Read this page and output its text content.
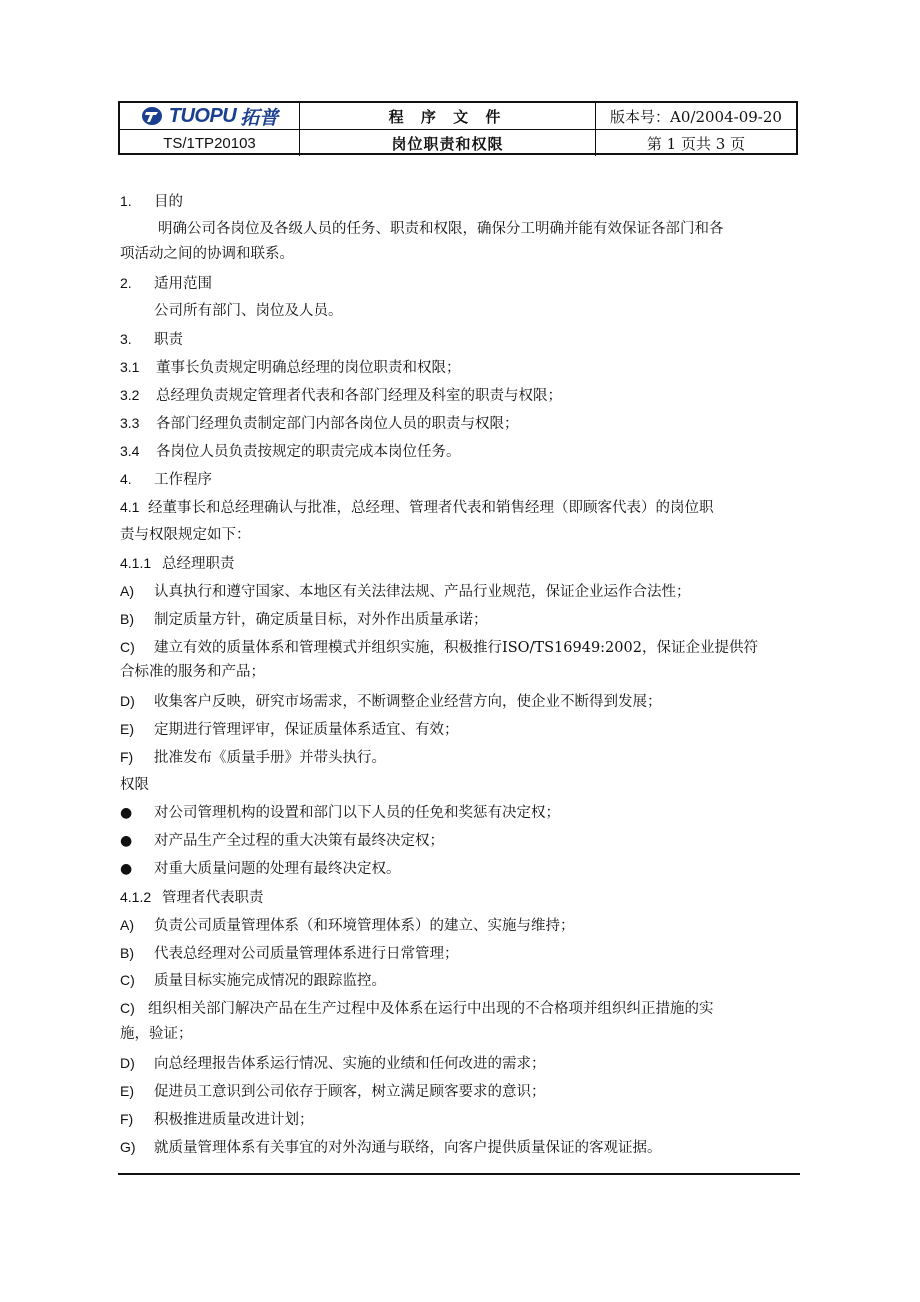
TUOPU 拓普	程 序 文 件	版本号：A0/2004-09-20
TS/1TP20103	岗位职责和权限	第 1 页共 3 页
1. 目的
明确公司各岗位及各级人员的任务、职责和权限，确保分工明确并能有效保证各部门和各
项活动之间的协调和联系。
2. 适用范围
公司所有部门、岗位及人员。
3. 职责
3.1 董事长负责规定明确总经理的岗位职责和权限；
3.2 总经理负责规定管理者代表和各部门经理及科室的职责与权限；
3.3 各部门经理负责制定部门内部各岗位人员的职责与权限；
3.4 各岗位人员负责按规定的职责完成本岗位任务。
4. 工作程序
4.1 经董事长和总经理确认与批准，总经理、管理者代表和销售经理（即顾客代表）的岗位职
责与权限规定如下：
4.1.1 总经理职责
A) 认真执行和遵守国家、本地区有关法律法规、产品行业规范，保证企业运作合法性；
B) 制定质量方针，确定质量目标，对外作出质量承诺；
C) 建立有效的质量体系和管理模式并组织实施，积极推行ISO/TS16949:2002，保证企业提供符
合标准的服务和产品；
D) 收集客户反映，研究市场需求，不断调整企业经营方向，使企业不断得到发展；
E) 定期进行管理评审，保证质量体系适宜、有效；
F) 批准发布《质量手册》并带头执行。
权限
● 对公司管理机构的设置和部门以下人员的任免和奖惩有决定权；
● 对产品生产全过程的重大决策有最终决定权；
● 对重大质量问题的处理有最终决定权。
4.1.2 管理者代表职责
A) 负责公司质量管理体系（和环境管理体系）的建立、实施与维持；
B) 代表总经理对公司质量管理体系进行日常管理；
C) 质量目标实施完成情况的跟踪监控。
C) 组织相关部门解决产品在生产过程中及体系在运行中出现的不合格项并组织纠正措施的实
施，验证；
D) 向总经理报告体系运行情况、实施的业绩和任何改进的需求；
E) 促进员工意识到公司依存于顾客，树立满足顾客要求的意识；
F) 积极推进质量改进计划；
G) 就质量管理体系有关事宜的对外沟通与联络，向客户提供质量保证的客观证据。
